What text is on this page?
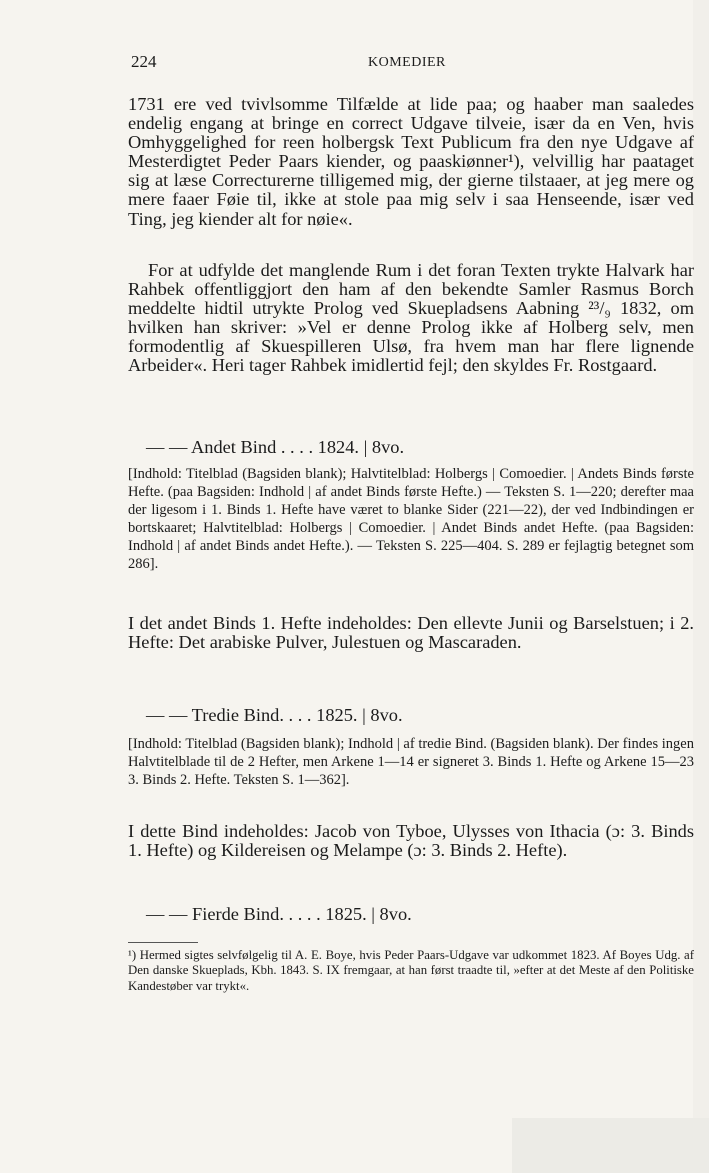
224	KOMEDIER

1731 ere ved tvivlsomme Tilfælde at lide paa; og haaber man saaledes endelig engang at bringe en correct Udgave tilveie, især da en Ven, hvis Omhyggelighed for reen holbergsk Text Publicum fra den nye Udgave af Mesterdigtet Peder Paars kiender, og paaskiønner¹), velvillig har paataget sig at læse Correcturerne tilligemed mig, der gierne tilstaaer, at jeg mere og mere faaer Føie til, ikke at stole paa mig selv i saa Henseende, især ved Ting, jeg kiender alt for nøie«.

For at udfylde det manglende Rum i det foran Texten trykte Halvark har Rahbek offentliggjort den ham af den bekendte Samler Rasmus Borch meddelte hidtil utrykte Prolog ved Skuepladsens Aabning ²³/₉ 1832, om hvilken han skriver: »Vel er denne Prolog ikke af Holberg selv, men formodentlig af Skuespilleren Ulsø, fra hvem man har flere lignende Arbeider«. Heri tager Rahbek imidlertid fejl; den skyldes Fr. Rostgaard.

— — Andet Bind . . . . 1824. | 8vo.

[Indhold: Titelblad (Bagsiden blank); Halvtitelblad: Holbergs | Comoedier. | Andets Binds første Hefte. (paa Bagsiden: Indhold | af andet Binds første Hefte.) — Teksten S. 1—220; derefter maa der ligesom i 1. Binds 1. Hefte have været to blanke Sider (221—22), der ved Indbindingen er bortskaaret; Halvtitelblad: Holbergs | Comoedier. | Andet Binds andet Hefte. (paa Bagsiden: Indhold | af andet Binds andet Hefte.). — Teksten S. 225—404. S. 289 er fejlagtig betegnet som 286].

I det andet Binds 1. Hefte indeholdes: Den ellevte Junii og Barselstuen; i 2. Hefte: Det arabiske Pulver, Julestuen og Mascaraden.

— — Tredie Bind. . . . 1825. | 8vo.

[Indhold: Titelblad (Bagsiden blank); Indhold | af tredie Bind. (Bagsiden blank). Der findes ingen Halvtitelblade til de 2 Hefter, men Arkene 1—14 er signeret 3. Binds 1. Hefte og Arkene 15—23 3. Binds 2. Hefte. Teksten S. 1—362].

I dette Bind indeholdes: Jacob von Tyboe, Ulysses von Ithacia (ɔ: 3. Binds 1. Hefte) og Kildereisen og Melampe (ɔ: 3. Binds 2. Hefte).

— — Fierde Bind. . . . . 1825. | 8vo.

¹) Hermed sigtes selvfølgelig til A. E. Boye, hvis Peder Paars-Udgave var udkommet 1823. Af Boyes Udg. af Den danske Skueplads, Kbh. 1843. S. IX fremgaar, at han først traadte til, »efter at det Meste af den Politiske Kandestøber var trykt«.
